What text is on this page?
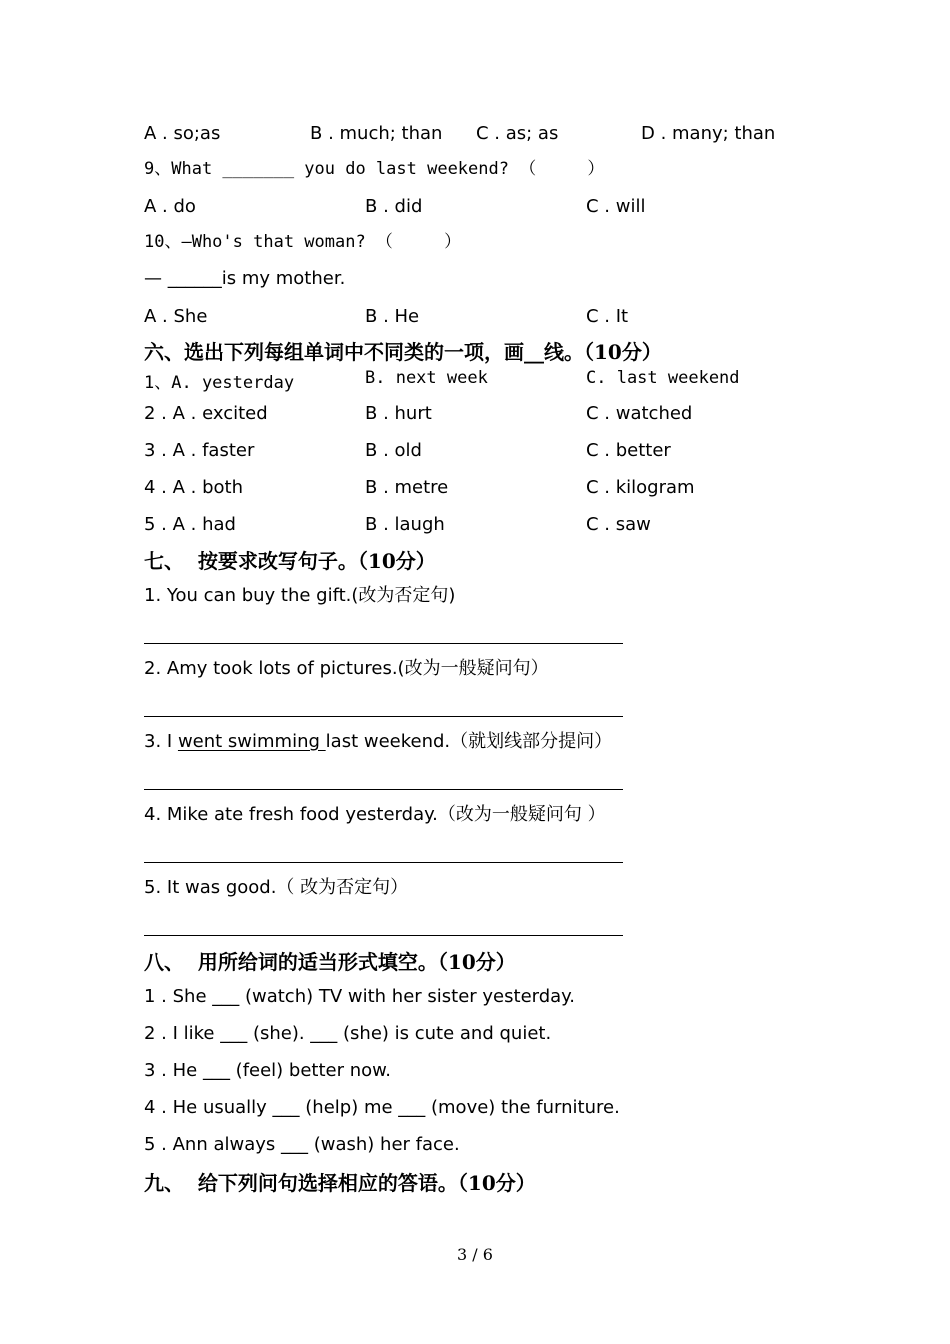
A . so;as	B . much; than C . as; as	D . many; than
9、What _______ you do last weekend? （     ）
A . do	B . did	C . will
10、—Who's that woman? （     ）
— ______is my mother.
A . She	B . He	C . It
六、选出下列每组单词中不同类的一项，画__线。（10分）
1、A. yesterday	B. next week	C. last weekend
2 . A . excited	B . hurt	C . watched
3 . A . faster	B . old	C . better
4 . A . both	B . metre	C . kilogram
5 . A . had	B . laugh	C . saw
七、  按要求改写句子。（10分）
1. You can buy the gift.(改为否定句)
2. Amy took lots of pictures.(改为一般疑问句）
3. I went swimming last weekend.（就划线部分提问）
4. Mike ate fresh food yesterday.（改为一般疑问句 ）
5. It was good.（ 改为否定句）
八、  用所给词的适当形式填空。（10分）
1 . She ___ (watch) TV with her sister yesterday.
2 . I like ___ (she). ___ (she) is cute and quiet.
3 . He ___ (feel) better now.
4 . He usually ___ (help) me ___ (move) the furniture.
5 . Ann always ___ (wash) her face.
九、  给下列问句选择相应的答语。（10分）
3 / 6
